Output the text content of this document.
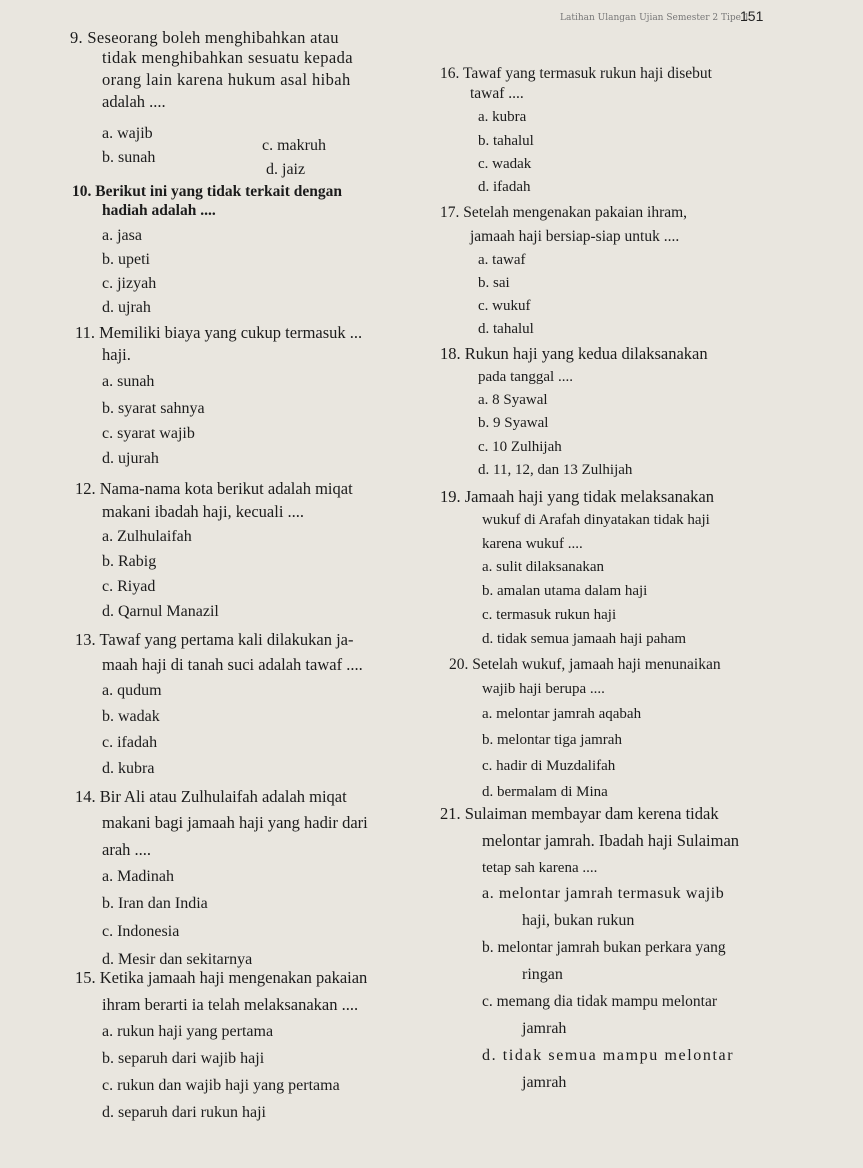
Latihan Ulangan Ujian Semester 2 Tipe 1
151
9. Seseorang boleh menghibahkan atau
tidak menghibahkan sesuatu kepada
orang lain karena hukum asal hibah
adalah ....
a. wajib
c. makruh
b. sunah
d. jaiz
10. Berikut ini yang tidak terkait dengan
hadiah adalah ....
a. jasa
b. upeti
c. jizyah
d. ujrah
11. Memiliki biaya yang cukup termasuk ...
haji.
a. sunah
b. syarat sahnya
c. syarat wajib
d. ujurah
12. Nama-nama kota berikut adalah miqat
makani ibadah haji, kecuali ....
a. Zulhulaifah
b. Rabig
c. Riyad
d. Qarnul Manazil
13. Tawaf yang pertama kali dilakukan ja-
maah haji di tanah suci adalah tawaf ....
a. qudum
b. wadak
c. ifadah
d. kubra
14. Bir Ali atau Zulhulaifah adalah miqat
makani bagi jamaah haji yang hadir dari
arah ....
a. Madinah
b. Iran dan India
c. Indonesia
d. Mesir dan sekitarnya
15. Ketika jamaah haji mengenakan pakaian
ihram berarti ia telah melaksanakan ....
a. rukun haji yang pertama
b. separuh dari wajib haji
c. rukun dan wajib haji yang pertama
d. separuh dari rukun haji
16. Tawaf yang termasuk rukun haji disebut
tawaf ....
a. kubra
b. tahalul
c. wadak
d. ifadah
17. Setelah mengenakan pakaian ihram,
jamaah haji bersiap-siap untuk ....
a. tawaf
b. sai
c. wukuf
d. tahalul
18. Rukun haji yang kedua dilaksanakan
pada tanggal ....
a. 8 Syawal
b. 9 Syawal
c. 10 Zulhijah
d. 11, 12, dan 13 Zulhijah
19. Jamaah haji yang tidak melaksanakan
wukuf di Arafah dinyatakan tidak haji
karena wukuf ....
a. sulit dilaksanakan
b. amalan utama dalam haji
c. termasuk rukun haji
d. tidak semua jamaah haji paham
20. Setelah wukuf, jamaah haji menunaikan
wajib haji berupa ....
a. melontar jamrah aqabah
b. melontar tiga jamrah
c. hadir di Muzdalifah
d. bermalam di Mina
21. Sulaiman membayar dam kerena tidak
melontar jamrah. Ibadah haji Sulaiman
tetap sah karena ....
a. melontar jamrah termasuk wajib
haji, bukan rukun
b. melontar jamrah bukan perkara yang
ringan
c. memang dia tidak mampu melontar
jamrah
d. tidak semua mampu melontar
jamrah
